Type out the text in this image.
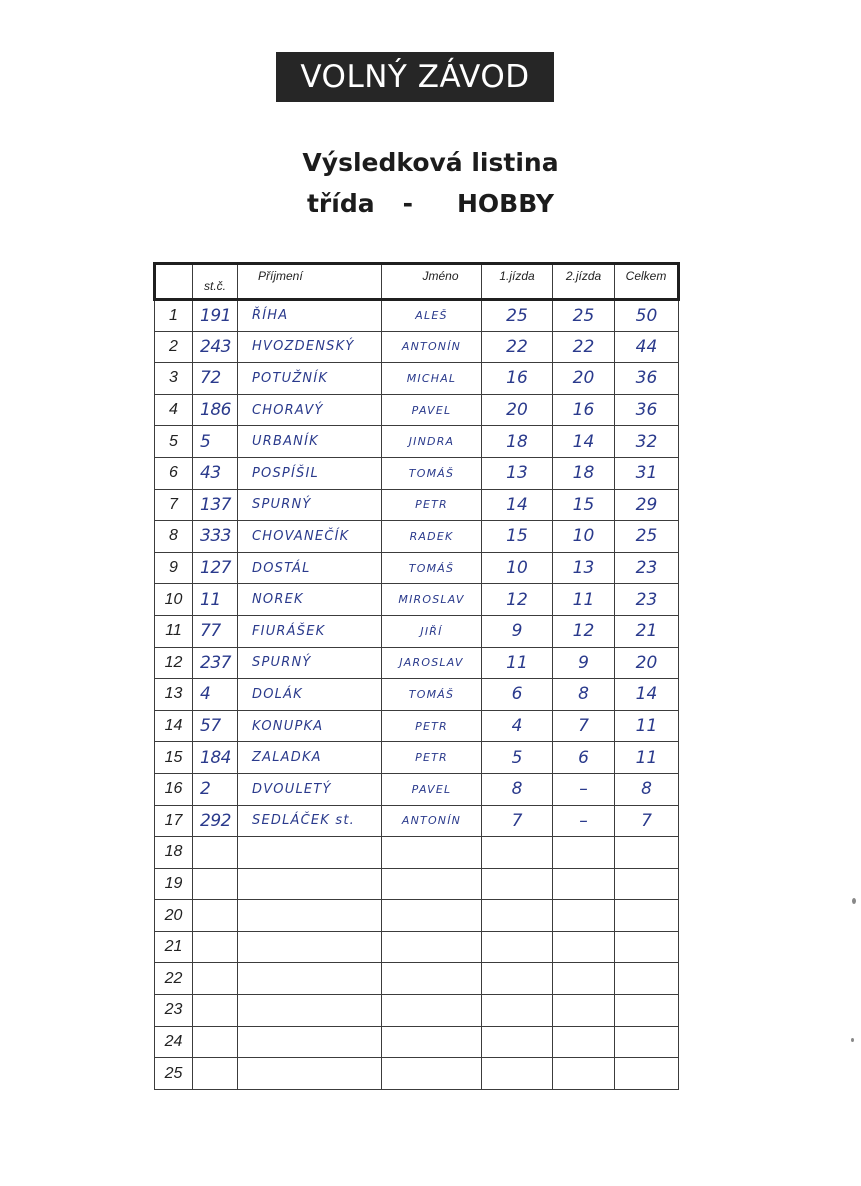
VOLNÝ ZÁVOD
Výsledková listina
třída - HOBBY
	st.č.	Příjmení	Jméno	1.jízda	2.jízda	Celkem
1	191	ŘÍHA	ALEŠ	25	25	50
2	243	HVOZDENSKÝ	ANTONÍN	22	22	44
3	72	POTUŽNÍK	MICHAL	16	20	36
4	186	CHORAVÝ	PAVEL	20	16	36
5	5	URBANÍK	JINDRA	18	14	32
6	43	POSPÍŠIL	TOMÁŠ	13	18	31
7	137	SPURNÝ	PETR	14	15	29
8	333	CHOVANEČÍK	RADEK	15	10	25
9	127	DOSTÁL	TOMÁŠ	10	13	23
10	11	NOREK	MIROSLAV	12	11	23
11	77	FIURÁŠEK	JIŘÍ	9	12	21
12	237	SPURNÝ	JAROSLAV	11	9	20
13	4	DOLÁK	TOMÁŠ	6	8	14
14	57	KONUPKA	PETR	4	7	11
15	184	ZALADKA	PETR	5	6	11
16	2	DVOULETÝ	PAVEL	8	–	8
17	292	SEDLÁČEK st.	ANTONÍN	7	–	7
18						
19						
20						
21						
22						
23						
24						
25						
